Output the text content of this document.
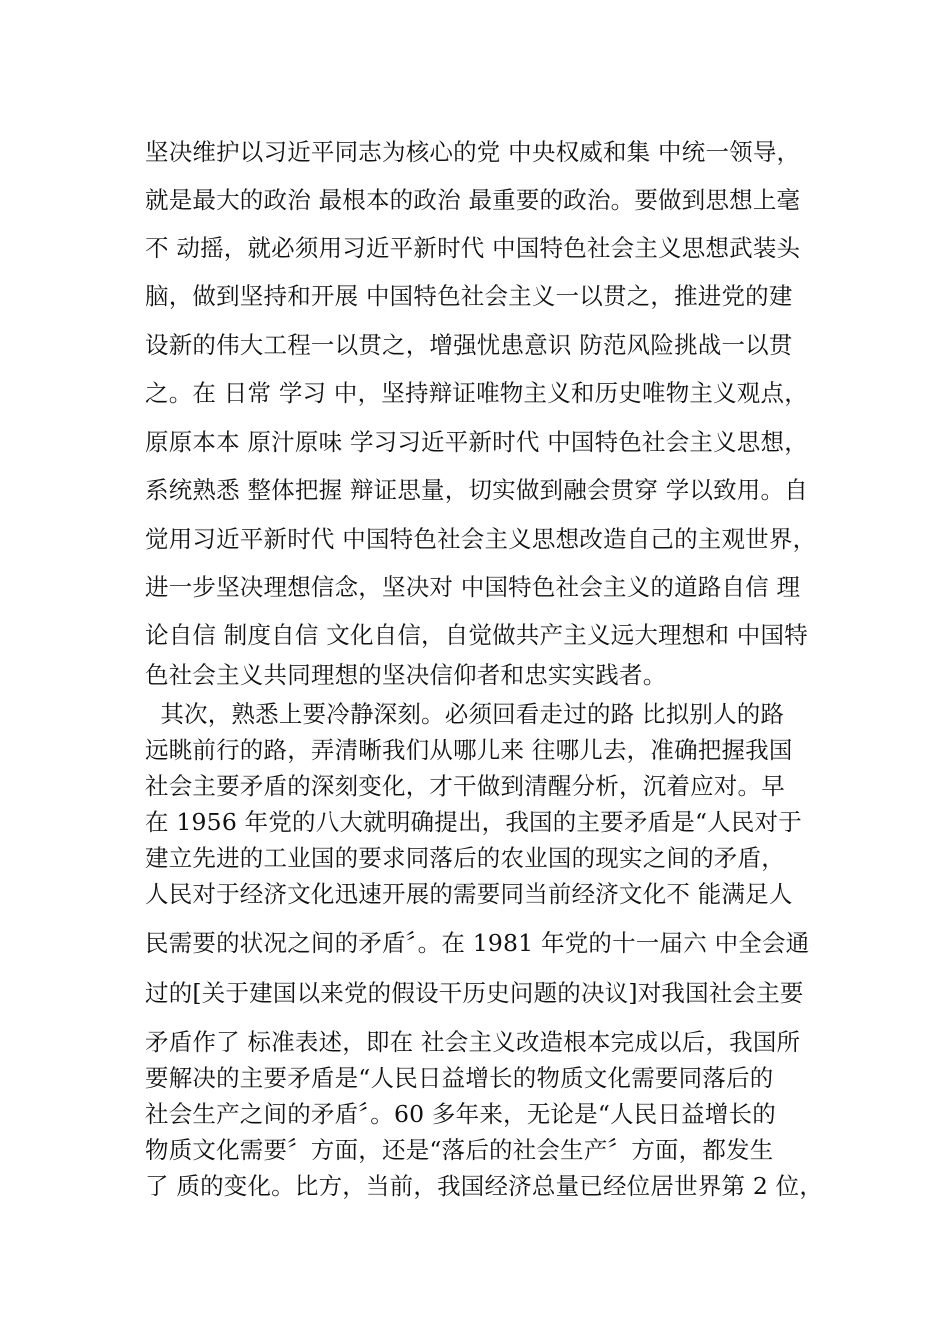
坚决维护以习近平同志为核心的党 中央权威和集 中统一领导，
就是最大的政治 最根本的政治 最重要的政治。要做到思想上毫
不 动摇，就必须用习近平新时代 中国特色社会主义思想武装头
脑，做到坚持和开展 中国特色社会主义一以贯之，推进党的建
设新的伟大工程一以贯之，增强忧患意识 防范风险挑战一以贯
之。在 日常 学习 中，坚持辩证唯物主义和历史唯物主义观点，
原原本本 原汁原味 学习习近平新时代 中国特色社会主义思想，
系统熟悉 整体把握 辩证思量，切实做到融会贯穿 学以致用。自
觉用习近平新时代 中国特色社会主义思想改造自己的主观世界，
进一步坚决理想信念，坚决对 中国特色社会主义的道路自信 理
论自信 制度自信 文化自信，自觉做共产主义远大理想和 中国特
色社会主义共同理想的坚决信仰者和忠实实践者。
其次，熟悉上要冷静深刻。必须回看走过的路 比拟别人的路
远眺前行的路，弄清晰我们从哪儿来 往哪儿去，准确把握我国
社会主要矛盾的深刻变化，才干做到清醒分析，沉着应对。早
在 1956 年党的八大就明确提出，我国的主要矛盾是“人民对于
建立先进的工业国的要求同落后的农业国的现实之间的矛盾，
人民对于经济文化迅速开展的需要同当前经济文化不 能满足人
民需要的状况之间的矛盾〞。在 1981 年党的十一届六 中全会通
过的[关于建国以来党的假设干历史问题的决议]对我国社会主要
矛盾作了 标准表述，即在 社会主义改造根本完成以后，我国所
要解决的主要矛盾是“人民日益增长的物质文化需要同落后的
社会生产之间的矛盾〞。60 多年来，无论是“人民日益增长的
物质文化需要〞方面，还是“落后的社会生产〞方面，都发生
了 质的变化。比方，当前，我国经济总量已经位居世界第 2 位，
